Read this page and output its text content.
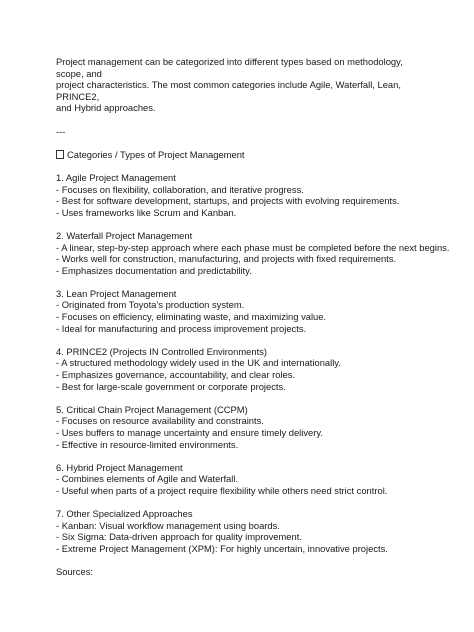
Project management can be categorized into different types based on methodology, scope, and
project characteristics. The most common categories include Agile, Waterfall, Lean, PRINCE2,
and Hybrid approaches.
---
Categories / Types of Project Management
1. Agile Project Management
- Focuses on flexibility, collaboration, and iterative progress.
- Best for software development, startups, and projects with evolving requirements.
- Uses frameworks like Scrum and Kanban.
2. Waterfall Project Management
- A linear, step-by-step approach where each phase must be completed before the next begins.
- Works well for construction, manufacturing, and projects with fixed requirements.
- Emphasizes documentation and predictability.
3. Lean Project Management
- Originated from Toyota’s production system.
- Focuses on efficiency, eliminating waste, and maximizing value.
- Ideal for manufacturing and process improvement projects.
4. PRINCE2 (Projects IN Controlled Environments)
- A structured methodology widely used in the UK and internationally.
- Emphasizes governance, accountability, and clear roles.
- Best for large-scale government or corporate projects.
5. Critical Chain Project Management (CCPM)
- Focuses on resource availability and constraints.
- Uses buffers to manage uncertainty and ensure timely delivery.
- Effective in resource-limited environments.
6. Hybrid Project Management
- Combines elements of Agile and Waterfall.
- Useful when parts of a project require flexibility while others need strict control.
7. Other Specialized Approaches
- Kanban: Visual workflow management using boards.
- Six Sigma: Data-driven approach for quality improvement.
- Extreme Project Management (XPM): For highly uncertain, innovative projects.
Sources:
